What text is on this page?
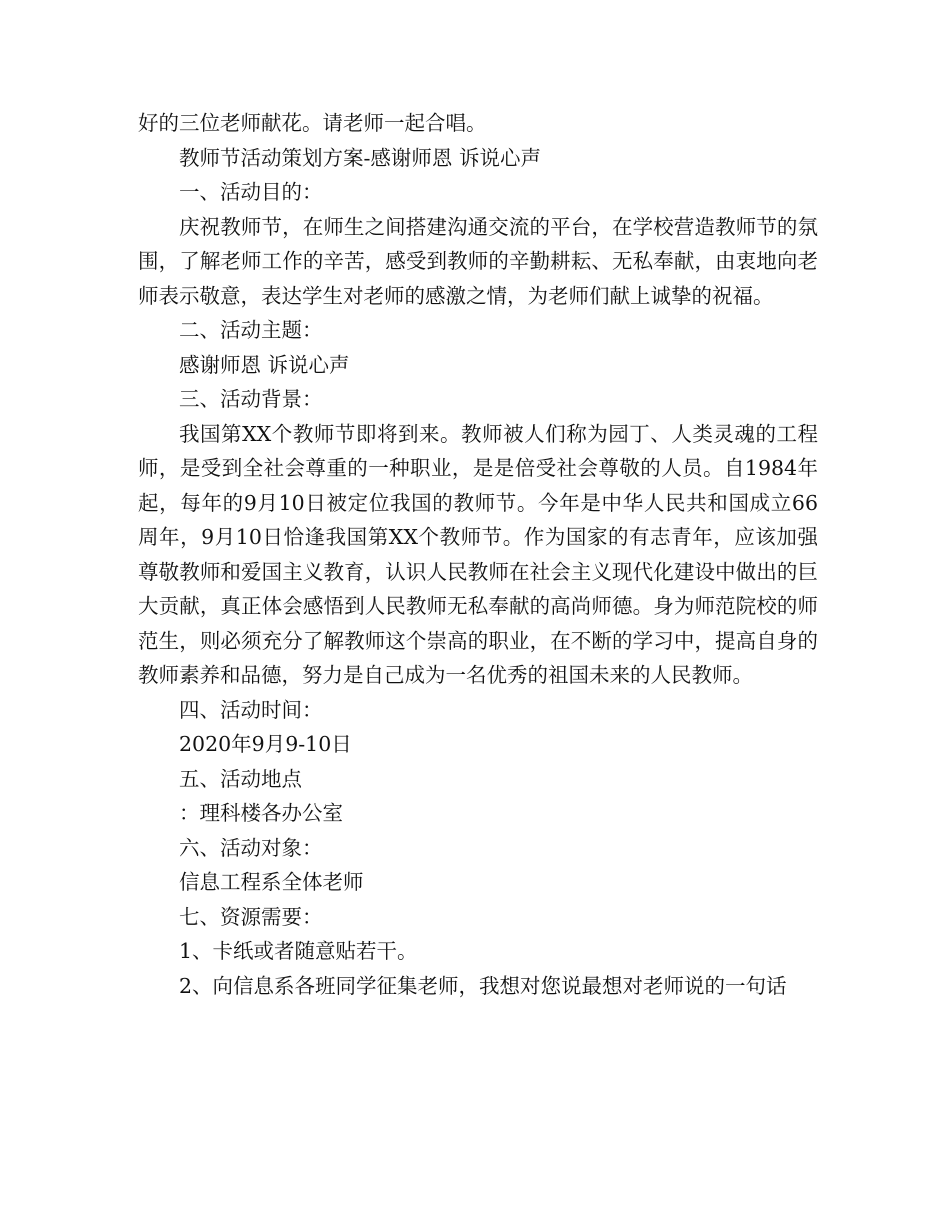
好的三位老师献花。请老师一起合唱。

教师节活动策划方案-感谢师恩 诉说心声

一、活动目的：

庆祝教师节，在师生之间搭建沟通交流的平台，在学校营造教师节的氛围，了解老师工作的辛苦，感受到教师的辛勤耕耘、无私奉献，由衷地向老师表示敬意，表达学生对老师的感激之情，为老师们献上诚挚的祝福。

二、活动主题：

感谢师恩 诉说心声

三、活动背景：

我国第XX个教师节即将到来。教师被人们称为园丁、人类灵魂的工程师，是受到全社会尊重的一种职业，是是倍受社会尊敬的人员。自1984年起，每年的9月10日被定位我国的教师节。今年是中华人民共和国成立66周年，9月10日恰逢我国第XX个教师节。作为国家的有志青年，应该加强尊敬教师和爱国主义教育，认识人民教师在社会主义现代化建设中做出的巨大贡献，真正体会感悟到人民教师无私奉献的高尚师德。身为师范院校的师范生，则必须充分了解教师这个崇高的职业，在不断的学习中，提高自身的教师素养和品德，努力是自己成为一名优秀的祖国未来的人民教师。

四、活动时间：

2020年9月9-10日

五、活动地点

：理科楼各办公室

六、活动对象：

信息工程系全体老师

七、资源需要：

1、卡纸或者随意贴若干。

2、向信息系各班同学征集老师，我想对您说最想对老师说的一句话
